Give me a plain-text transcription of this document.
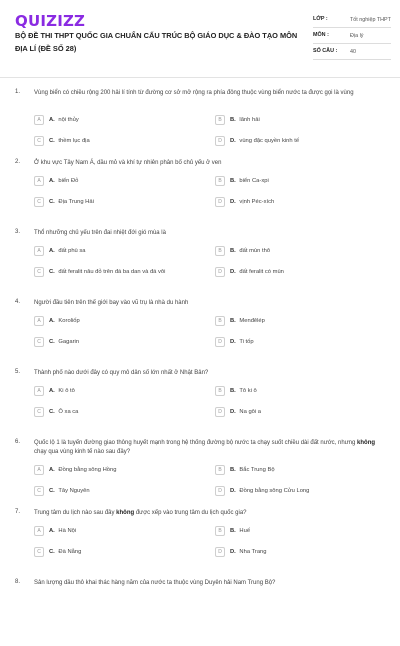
QUIZIZZ
BỘ ĐỀ THI THPT QUỐC GIA CHUẨN CẤU TRÚC BỘ GIÁO DỤC & ĐÀO TẠO MÔN ĐỊA LÍ (ĐỀ SỐ 28)
LỚP :	Tốt nghiệp THPT
MÔN :	Địa lý
SỐ CÂU :	40
1. Vùng biển có chiều rộng 200 hải lí tính từ đường cơ sở mở rộng ra phía đông thuộc vùng biển nước ta được gọi là vùng
A	A. nội thủy	B	B. lãnh hải
C	C. thềm lục địa	D	D. vùng đặc quyền kinh tế
2. Ở khu vực Tây Nam Á, dầu mỏ và khí tự nhiên phân bố chủ yếu ở ven
A	A. biển Đỏ	B	B. biển Ca-xpi
C	C. Địa Trung Hải	D	D. vịnh Péc-xích
3. Thổ nhưỡng chủ yếu trên đai nhiệt đới gió mùa là
A	A. đất phù sa	B	B. đất mùn thô
C	C. đất feralit nâu đỏ trên đá ba dan và đá vôi	D	D. đất feralit có mùn
4. Người đầu tiên trên thế giới bay vào vũ trụ là nhà du hành
A	A. Koroliốp	B	B. Menđêlép
C	C. Gagarin	D	D. Ti tốp
5. Thành phố nào dưới đây có quy mô dân số lớn nhất ở Nhật Bản?
A	A. Ki ô tô	B	B. Tô ki ô
C	C. Ô xa ca	D	D. Na gôi a
6. Quốc lộ 1 là tuyến đường giao thông huyết mạnh trong hệ thống đường bộ nước ta chạy suốt chiều dài đất nước, nhưng không chạy qua vùng kinh tế nào sau đây?
A	A. Đồng bằng sông Hồng	B	B. Bắc Trung Bộ
C	C. Tây Nguyên	D	D. Đồng bằng sông Cửu Long
7. Trung tâm du lịch nào sau đây không được xếp vào trung tâm du lịch quốc gia?
A	A. Hà Nội	B	B. Huế
C	C. Đà Nẵng	D	D. Nha Trang
8. Sản lượng dầu thô khai thác hàng năm của nước ta thuộc vùng Duyên hải Nam Trung Bộ?
